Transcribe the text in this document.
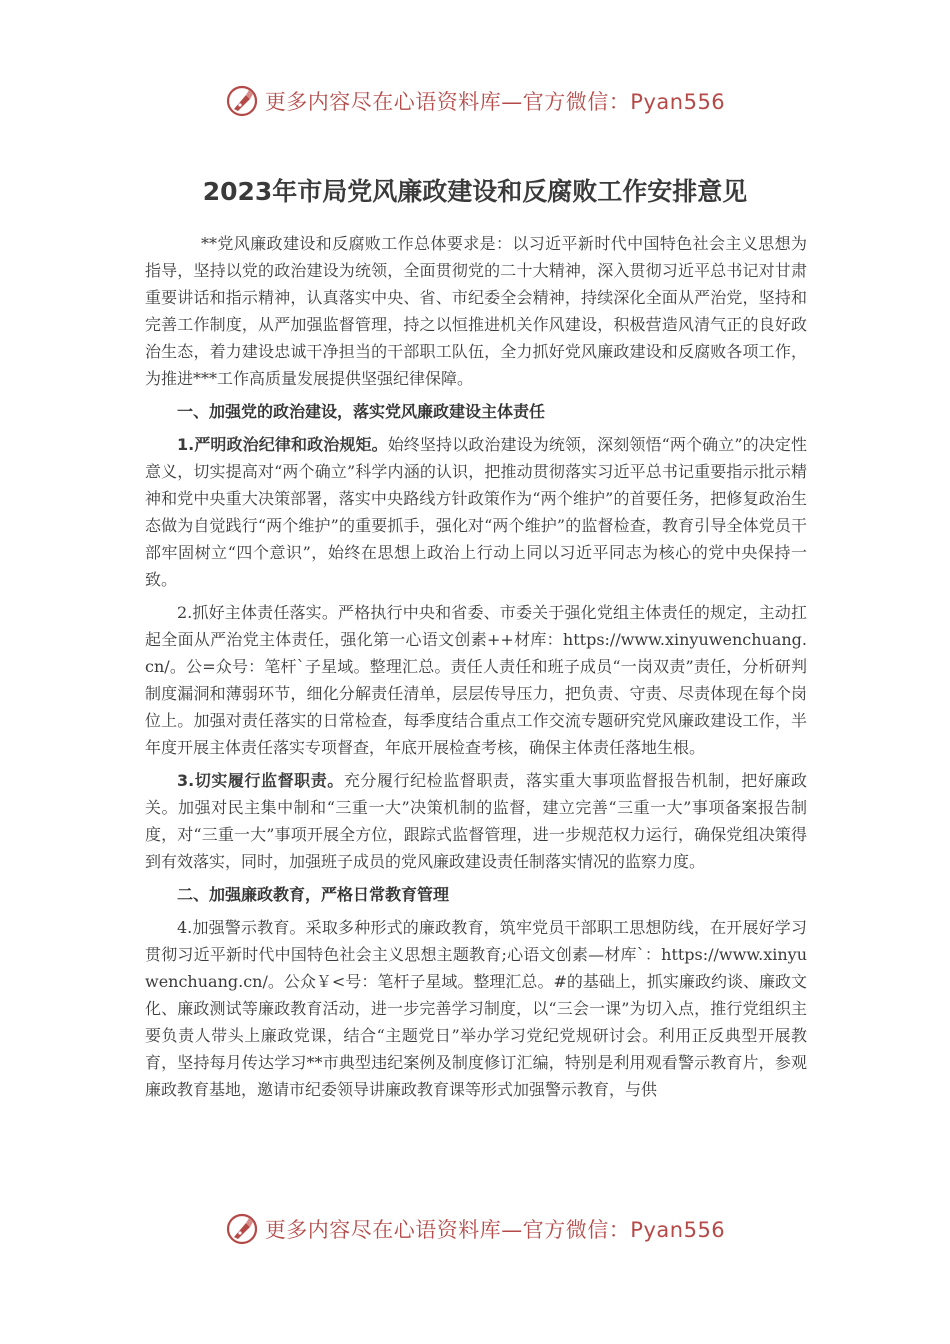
更多内容尽在心语资料库—官方微信：Pyan556
2023年市局党风廉政建设和反腐败工作安排意见

**党风廉政建设和反腐败工作总体要求是：以习近平新时代中国特色社会主义思想为指导，坚持以党的政治建设为统领，全面贯彻党的二十大精神，深入贯彻习近平总书记对甘肃重要讲话和指示精神，认真落实中央、省、市纪委全会精神，持续深化全面从严治党，坚持和完善工作制度，从严加强监督管理，持之以恒推进机关作风建设，积极营造风清气正的良好政治生态，着力建设忠诚干净担当的干部职工队伍，全力抓好党风廉政建设和反腐败各项工作，为推进***工作高质量发展提供坚强纪律保障。

一、加强党的政治建设，落实党风廉政建设主体责任

1.严明政治纪律和政治规矩。始终坚持以政治建设为统领，深刻领悟“两个确立”的决定性意义，切实提高对“两个确立”科学内涵的认识，把推动贯彻落实习近平总书记重要指示批示精神和党中央重大决策部署，落实中央路线方针政策作为“两个维护”的首要任务，把修复政治生态做为自觉践行“两个维护”的重要抓手，强化对“两个维护”的监督检查，教育引导全体党员干部牢固树立“四个意识”，始终在思想上政治上行动上同以习近平同志为核心的党中央保持一致。

2.抓好主体责任落实。严格执行中央和省委、市委关于强化党组主体责任的规定，主动扛起全面从严治党主体责任，强化第一心语文创素++材库：https://www.xinyuwenchuang.cn/。公=众号：笔杆`子星域。整理汇总。责任人责任和班子成员“一岗双责”责任，分析研判制度漏洞和薄弱环节，细化分解责任清单，层层传导压力，把负责、守责、尽责体现在每个岗位上。加强对责任落实的日常检查，每季度结合重点工作交流专题研究党风廉政建设工作，半年度开展主体责任落实专项督查，年底开展检查考核，确保主体责任落地生根。

3.切实履行监督职责。充分履行纪检监督职责，落实重大事项监督报告机制，把好廉政关。加强对民主集中制和“三重一大”决策机制的监督，建立完善“三重一大”事项备案报告制度，对“三重一大”事项开展全方位，跟踪式监督管理，进一步规范权力运行，确保党组决策得到有效落实，同时，加强班子成员的党风廉政建设责任制落实情况的监察力度。

二、加强廉政教育，严格日常教育管理

4.加强警示教育。采取多种形式的廉政教育，筑牢党员干部职工思想防线，在开展好学习贯彻习近平新时代中国特色社会主义思想主题教育;心语文创素—材库`：https://www.xinyuwenchuang.cn/。公众￥<号：笔杆子星域。整理汇总。#的基础上，抓实廉政约谈、廉政文化、廉政测试等廉政教育活动，进一步完善学习制度，以“三会一课”为切入点，推行党组织主要负责人带头上廉政党课，结合“主题党日”举办学习党纪党规研讨会。利用正反典型开展教育，坚持每月传达学习**市典型违纪案例及制度修订汇编，特别是利用观看警示教育片，参观廉政教育基地，邀请市纪委领导讲廉政教育课等形式加强警示教育，与供

更多内容尽在心语资料库—官方微信：Pyan556
